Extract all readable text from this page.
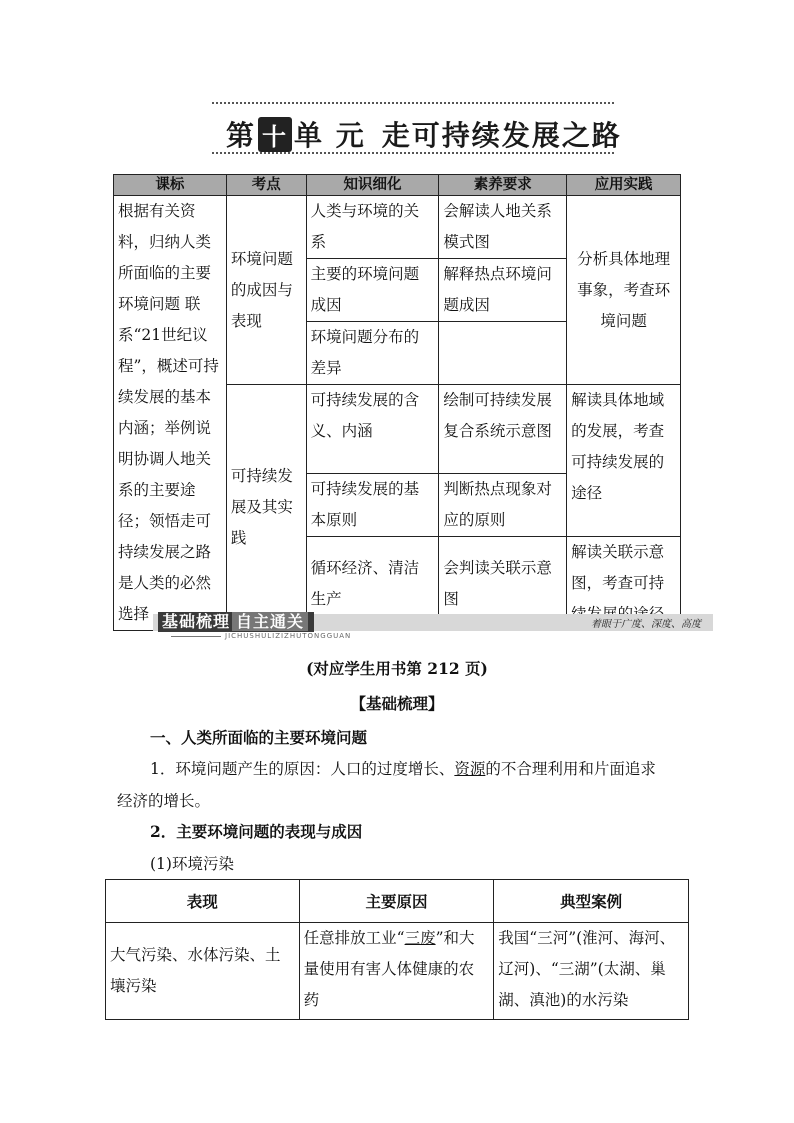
第 十 单 元 走可持续发展之路
课标	考点	知识细化	素养要求	应用实践
根据有关资料，归纳人类所面临的主要环境问题 联系“21世纪议程”，概述可持续发展的基本内涵；举例说明协调人地关系的主要途径；领悟走可持续发展之路是人类的必然选择	环境问题的成因与表现	人类与环境的关系	会解读人地关系模式图	分析具体地理事象，考查环境问题
		主要的环境问题成因	解释热点环境问题成因	
		环境问题分布的差异		
	可持续发展及其实践	可持续发展的含义、内涵	绘制可持续发展复合系统示意图	解读具体地域的发展，考查可持续发展的途径
		可持续发展的基本原则	判断热点现象对应的原则	
		循环经济、清洁生产	会判读关联示意图	解读关联示意图，考查可持
基础梳理 自主通关
JICHUSHULIZIZHUTONGGUAN
着眼于广度、深度、高度
(对应学生用书第 212 页)
【基础梳理】
一、人类所面临的主要环境问题
1．环境问题产生的原因：人口的过度增长、资源的不合理利用和片面追求
经济的增长。
2．主要环境问题的表现与成因
(1)环境污染
表现	主要原因	典型案例
大气污染、水体污染、土壤污染	任意排放工业“三废”和大量使用有害人体健康的农药	我国“三河”(淮河、海河、辽河)、“三湖”(太湖、巢湖、滇池)的水污染
